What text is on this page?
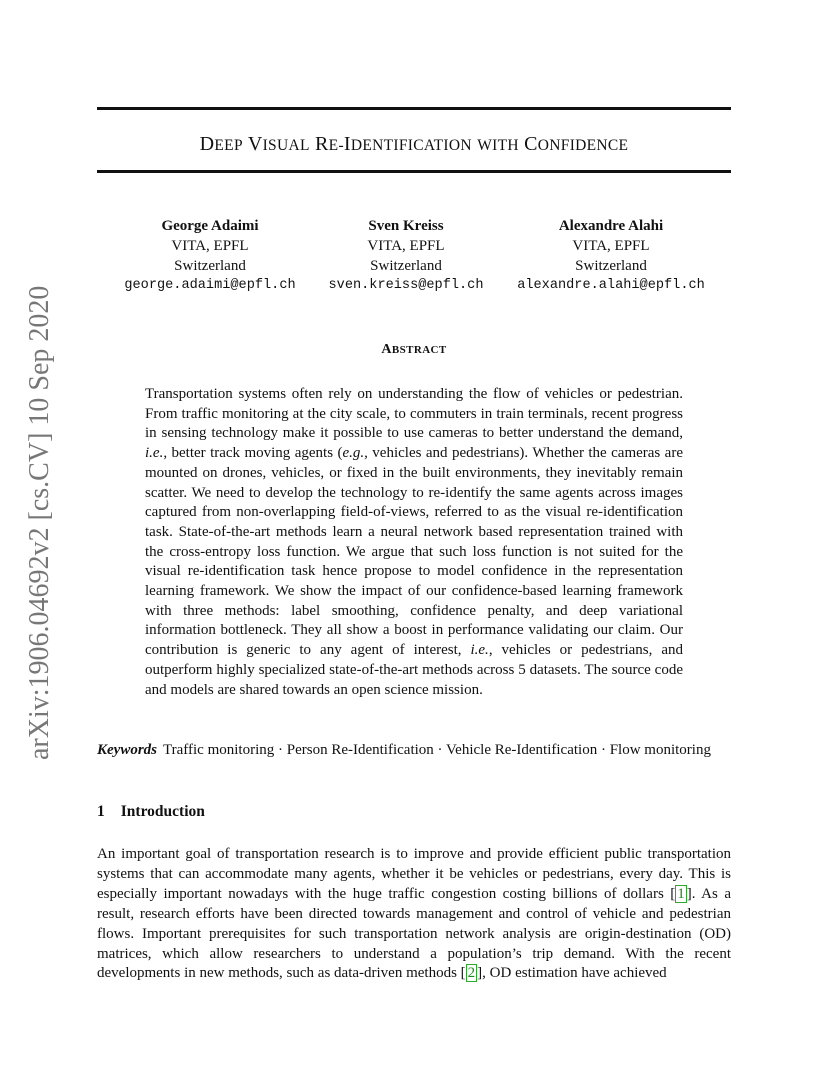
DEEP VISUAL RE-IDENTIFICATION WITH CONFIDENCE
George Adaimi
VITA, EPFL
Switzerland
george.adaimi@epfl.ch
Sven Kreiss
VITA, EPFL
Switzerland
sven.kreiss@epfl.ch
Alexandre Alahi
VITA, EPFL
Switzerland
alexandre.alahi@epfl.ch
ABSTRACT
Transportation systems often rely on understanding the flow of vehicles or pedestrian. From traffic monitoring at the city scale, to commuters in train terminals, recent progress in sensing technology make it possible to use cameras to better understand the demand, i.e., better track moving agents (e.g., vehicles and pedestrians). Whether the cameras are mounted on drones, vehicles, or fixed in the built environments, they inevitably remain scatter. We need to develop the technology to re-identify the same agents across images captured from non-overlapping field-of-views, referred to as the visual re-identification task. State-of-the-art methods learn a neural network based representation trained with the cross-entropy loss function. We argue that such loss function is not suited for the visual re-identification task hence propose to model confidence in the representation learning framework. We show the impact of our confidence-based learning framework with three methods: label smoothing, confidence penalty, and deep variational information bottleneck. They all show a boost in performance validating our claim. Our contribution is generic to any agent of interest, i.e., vehicles or pedestrians, and outperform highly specialized state-of-the-art methods across 5 datasets. The source code and models are shared towards an open science mission.
Keywords Traffic monitoring · Person Re-Identification · Vehicle Re-Identification · Flow monitoring
1 Introduction
An important goal of transportation research is to improve and provide efficient public transportation systems that can accommodate many agents, whether it be vehicles or pedestrians, every day. This is especially important nowadays with the huge traffic congestion costing billions of dollars [ 1 ]. As a result, research efforts have been directed towards management and control of vehicle and pedestrian flows. Important prerequisites for such transportation network analysis are origin-destination (OD) matrices, which allow researchers to understand a population’s trip demand. With the recent developments in new methods, such as data-driven methods [ 2 ], OD estimation have achieved
arXiv:1906.04692v2 [cs.CV] 10 Sep 2020
